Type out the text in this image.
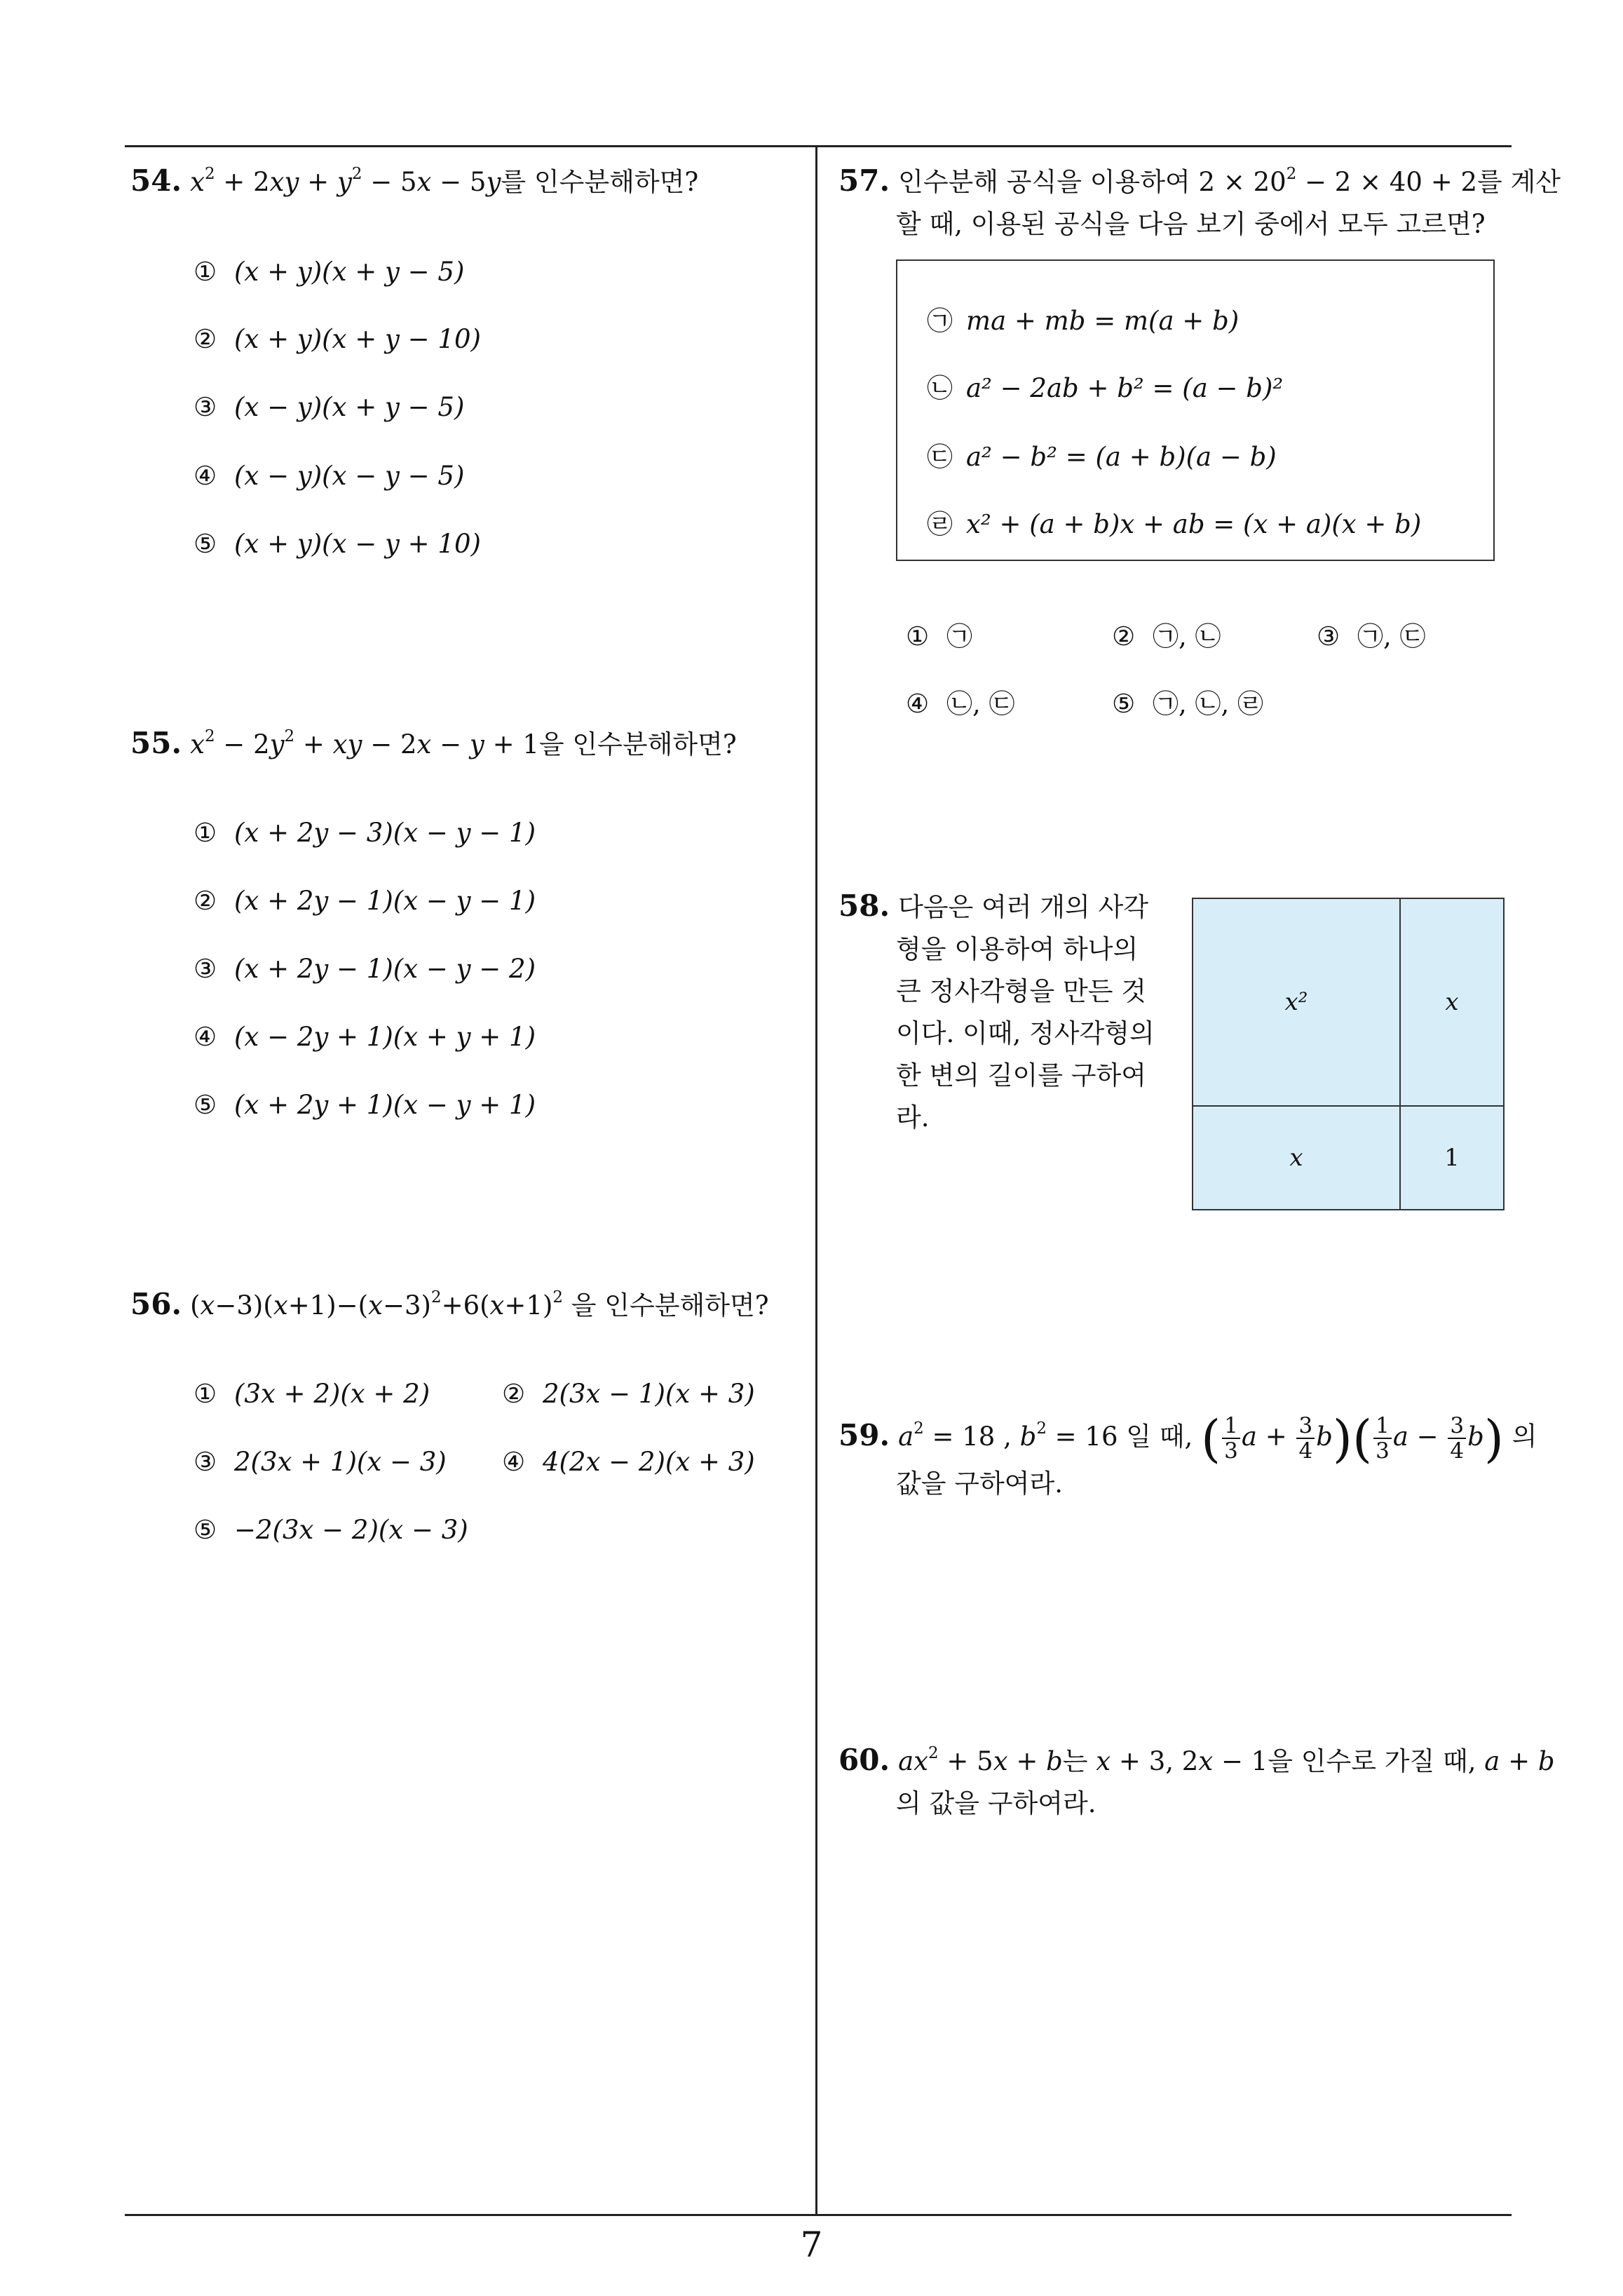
7
54. $x^2 + 2xy + y^2 - 5x - 5y$를 인수분해하면?
① (x + y)(x + y − 5)
② (x + y)(x + y − 10)
③ (x − y)(x + y − 5)
④ (x − y)(x − y − 5)
⑤ (x + y)(x − y + 10)
55. $x^2 - 2y^2$ + xy − 2x − y + 1을 인수분해하면?
① (x + 2y − 3)(x − y − 1)
② (x + 2y − 1)(x − y − 1)
③ (x + 2y − 1)(x − y − 2)
④ (x − 2y + 1)(x + y + 1)
⑤ (x + 2y + 1)(x − y + 1)
56. $(x-3)(x+1)-(x-3)^2+6(x+1)^2$ 을 인수분해하면?
① (3x + 2)(x + 2)	② 2(3x − 1)(x + 3)
③ 2(3x + 1)(x − 3) ④ 4(2x − 2)(x + 3)
⑤ −2(3x − 2)(x − 3)
57. 인수분해 공식을 이용하여 $2 \times 20^2 - 2 \times 40 + 2$를 계산
할 때, 이용된 공식을 다음 보기 중에서 모두 고르면?
㉠ ma + mb = m(a + b)
㉡ a² − 2ab + b² = (a − b)²
㉢ a² − b² = (a + b)(a − b)
㉣ x² + (a + b)x + ab = (x + a)(x + b)
① ㉠	② ㉠, ㉡	③ ㉠, ㉢
④ ㉡, ㉢	⑤ ㉠, ㉡, ㉣
58. 다음은 여러 개의 사각
형을 이용하여 하나의
큰 정사각형을 만든 것
이다. 이때, 정사각형의
한 변의 길이를 구하여
라.
x²	x
x	1
59. $a^2 = 18$ , $b^2 = 16$ 일 때, ( $\frac{1}{3}$ $a + \frac{3}{4} b)( \frac{1}{3}$ $a - \frac{3}{4} b$) 의
값을 구하여라.
60. $ax^2 + 5x + b$는 x + 3, 2x − 1을 인수로 가질 때, a + b
의 값을 구하여라.
